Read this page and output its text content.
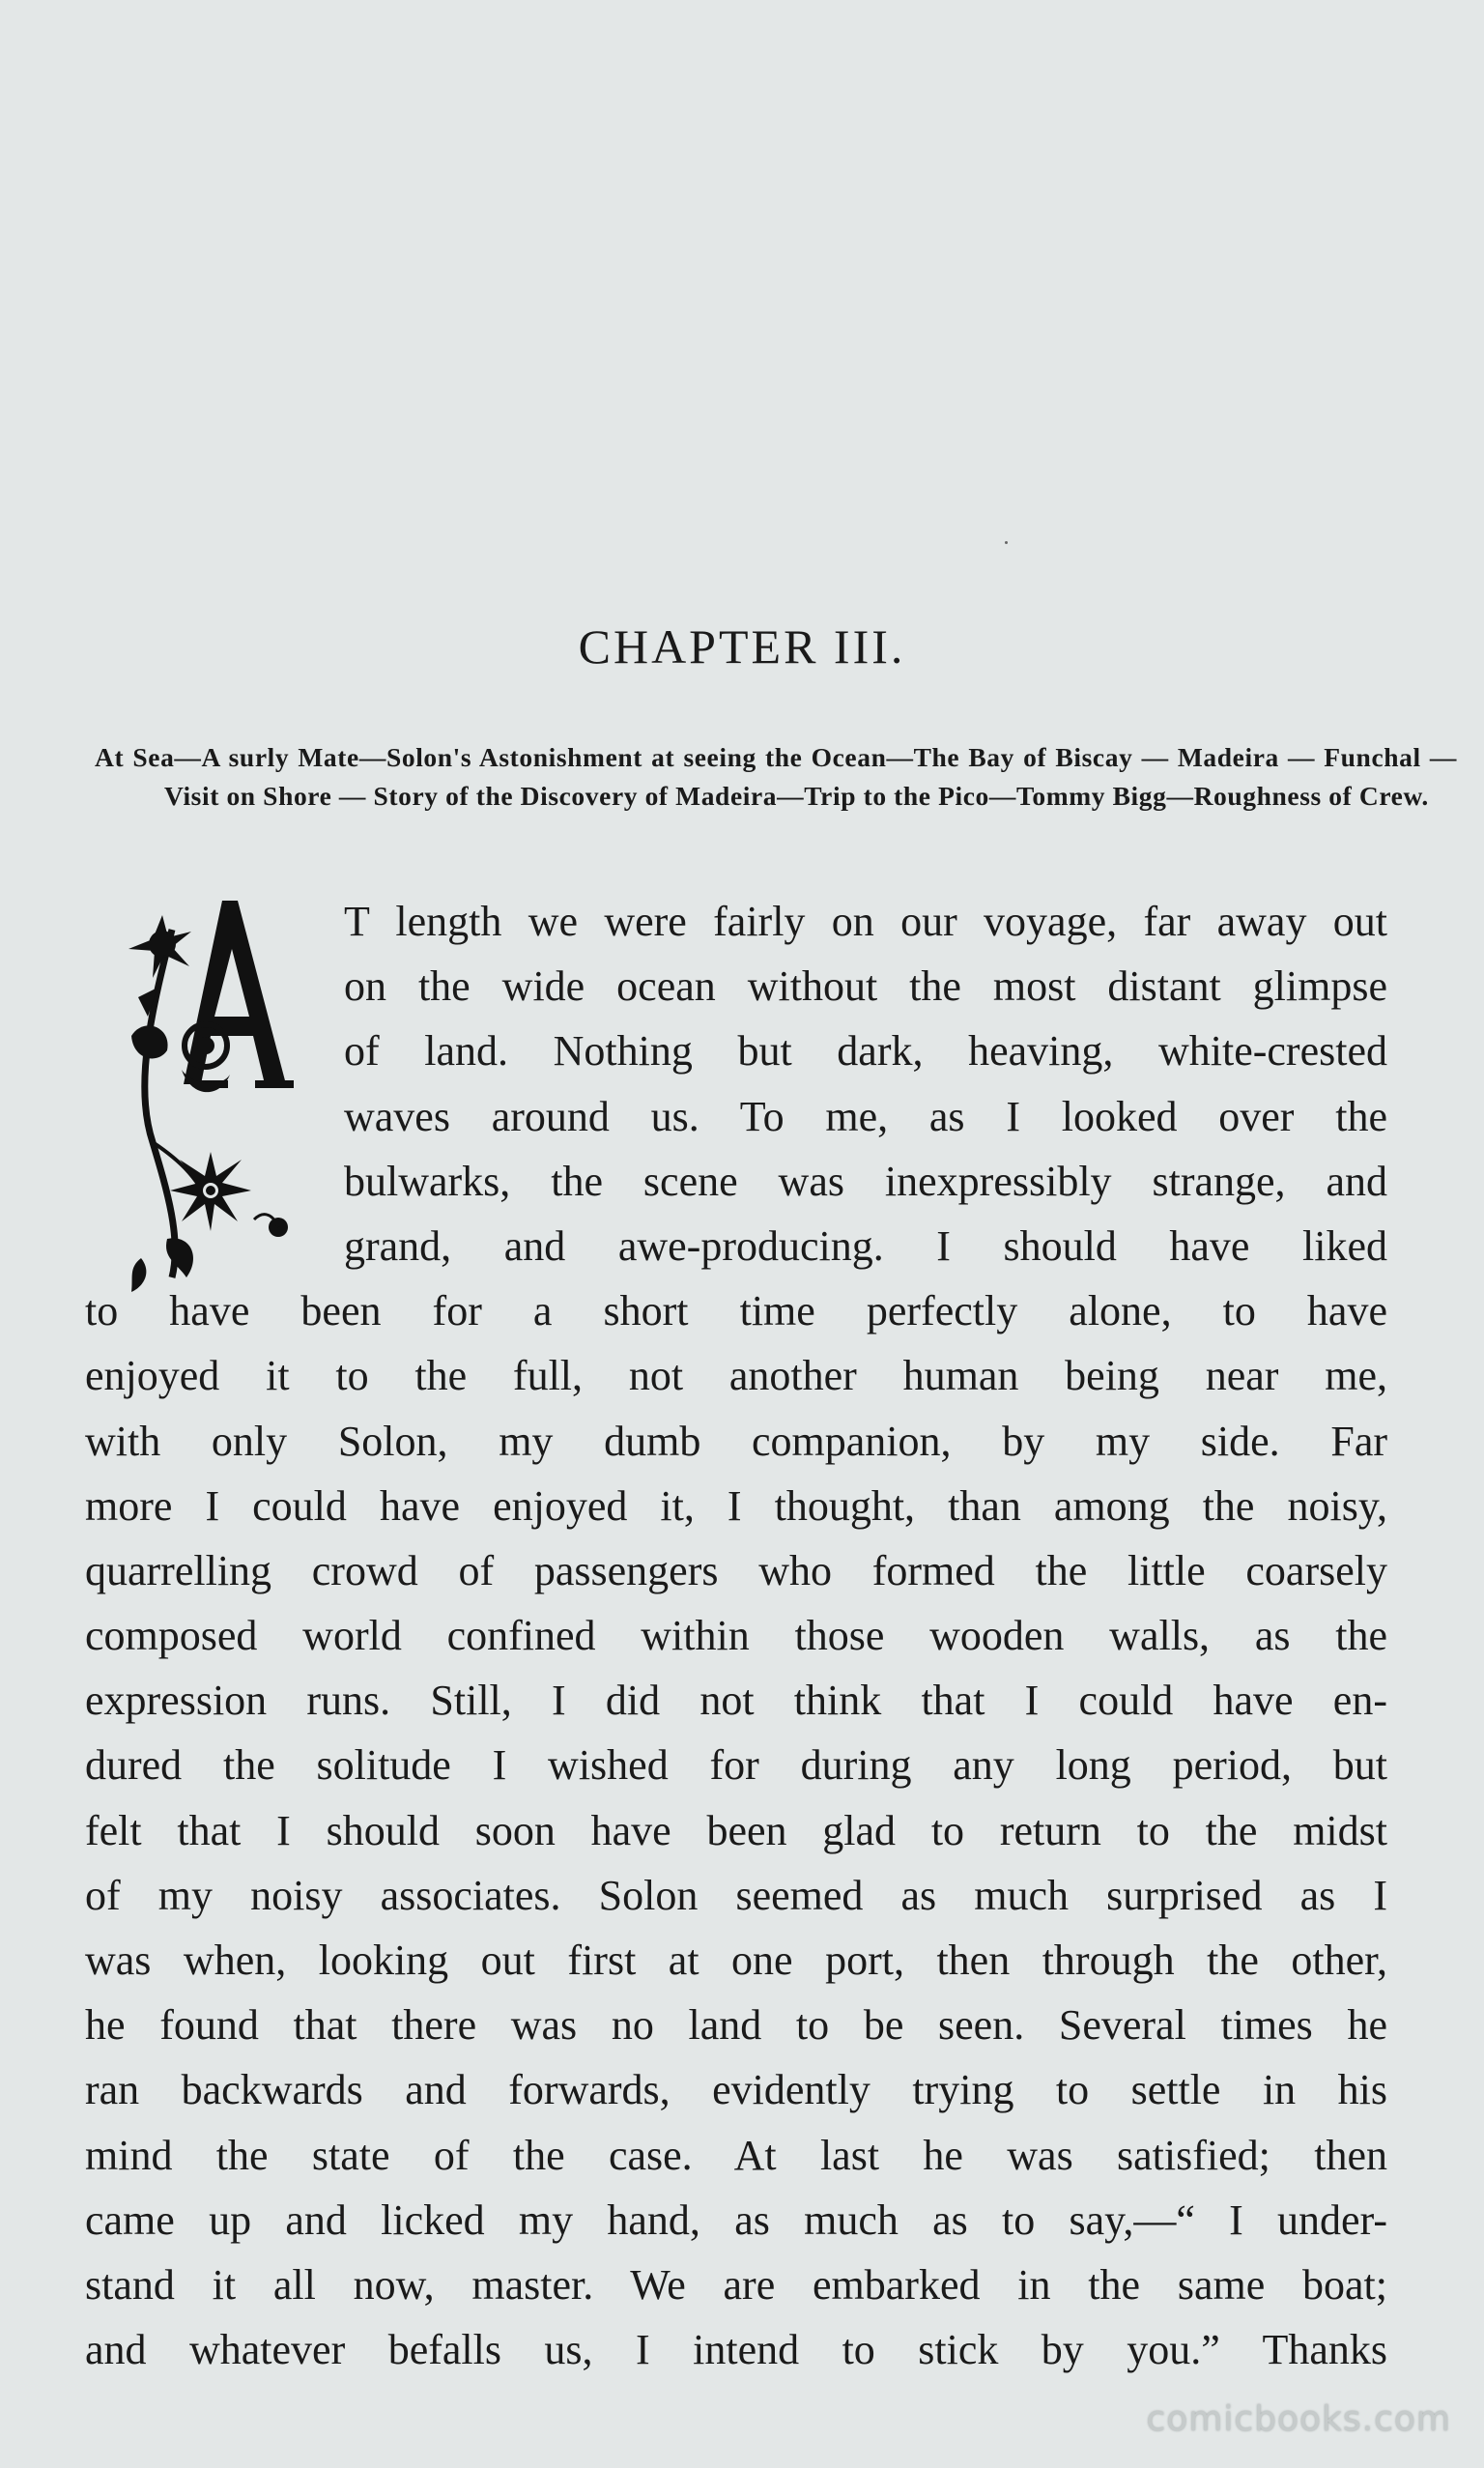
CHAPTER III.
At Sea—A surly Mate—Solon's Astonishment at seeing the Ocean—The Bay of Biscay — Madeira — Funchal — Visit on Shore — Story of the Discovery of Madeira—Trip to the Pico—Tommy Bigg—Roughness of Crew.
T length we were fairly on our voyage, far away out
on the wide ocean without the most distant glimpse
of land. Nothing but dark, heaving, white-crested
waves around us. To me, as I looked over the
bulwarks, the scene was inexpressibly strange, and
grand, and awe-producing. I should have liked
to have been for a short time perfectly alone, to have
enjoyed it to the full, not another human being near me,
with only Solon, my dumb companion, by my side. Far
more I could have enjoyed it, I thought, than among the noisy,
quarrelling crowd of passengers who formed the little coarsely
composed world confined within those wooden walls, as the
expression runs. Still, I did not think that I could have en-
dured the solitude I wished for during any long period, but
felt that I should soon have been glad to return to the midst
of my noisy associates. Solon seemed as much surprised as I
was when, looking out first at one port, then through the other,
he found that there was no land to be seen. Several times he
ran backwards and forwards, evidently trying to settle in his
mind the state of the case. At last he was satisfied; then
came up and licked my hand, as much as to say,—“ I under-
stand it all now, master. We are embarked in the same boat;
and whatever befalls us, I intend to stick by you.” Thanks
comicbooks.com
